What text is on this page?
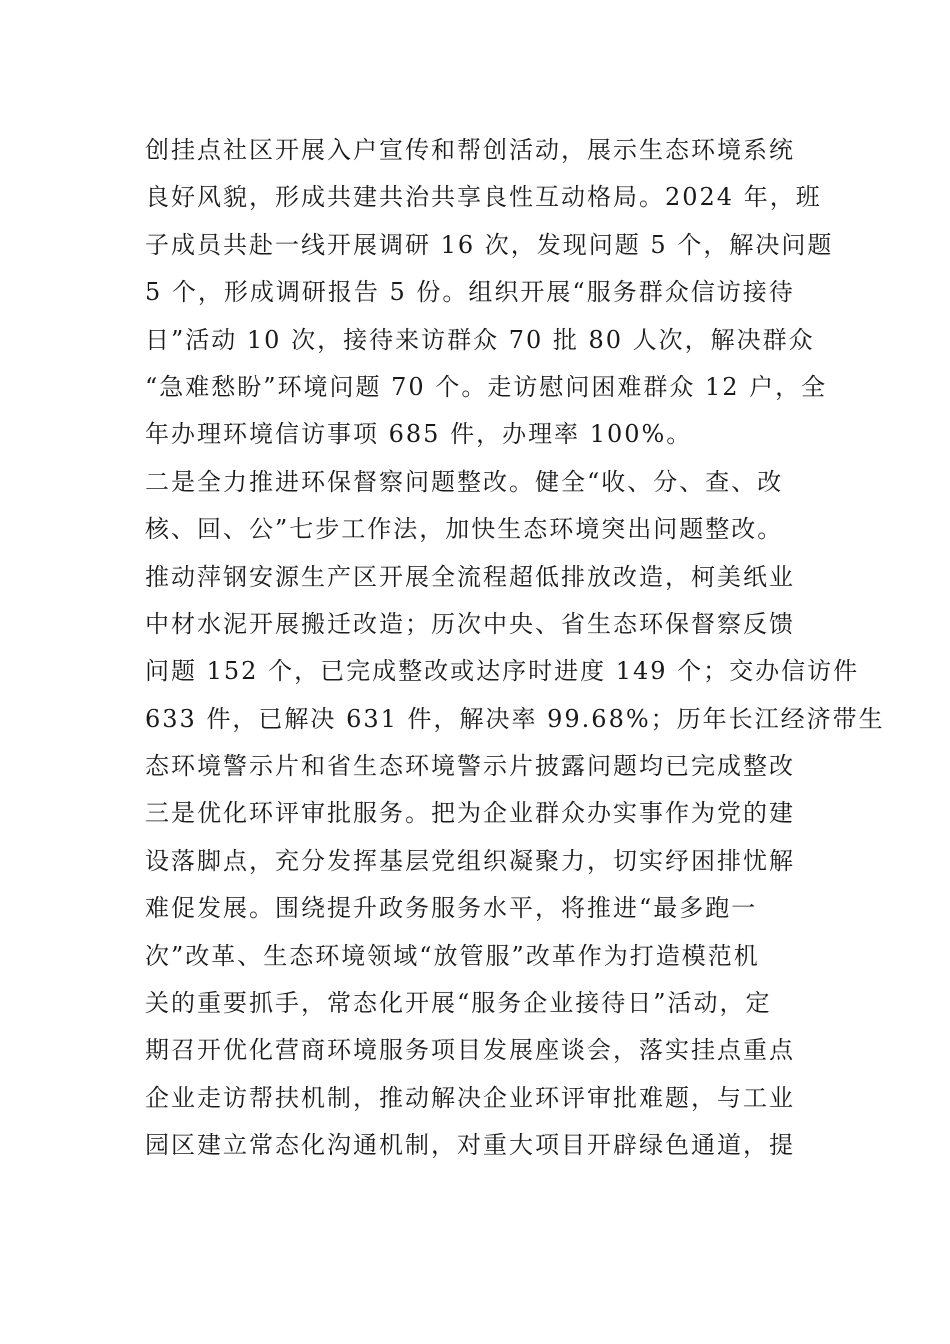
创挂点社区开展入户宣传和帮创活动，展示生态环境系统
良好风貌，形成共建共治共享良性互动格局。2024 年，班
子成员共赴一线开展调研 16 次，发现问题 5 个，解决问题
5 个，形成调研报告 5 份。组织开展“服务群众信访接待
日”活动 10 次，接待来访群众 70 批 80 人次，解决群众
“急难愁盼”环境问题 70 个。走访慰问困难群众 12 户，全
年办理环境信访事项 685 件，办理率 100%。
二是全力推进环保督察问题整改。健全“收、分、查、改
核、回、公”七步工作法，加快生态环境突出问题整改。
推动萍钢安源生产区开展全流程超低排放改造，柯美纸业
中材水泥开展搬迁改造；历次中央、省生态环保督察反馈
问题 152 个，已完成整改或达序时进度 149 个；交办信访件
633 件，已解决 631 件，解决率 99.68%；历年长江经济带生
态环境警示片和省生态环境警示片披露问题均已完成整改
三是优化环评审批服务。把为企业群众办实事作为党的建
设落脚点，充分发挥基层党组织凝聚力，切实纾困排忧解
难促发展。围绕提升政务服务水平，将推进“最多跑一
次”改革、生态环境领域“放管服”改革作为打造模范机
关的重要抓手，常态化开展“服务企业接待日”活动，定
期召开优化营商环境服务项目发展座谈会，落实挂点重点
企业走访帮扶机制，推动解决企业环评审批难题，与工业
园区建立常态化沟通机制，对重大项目开辟绿色通道，提
